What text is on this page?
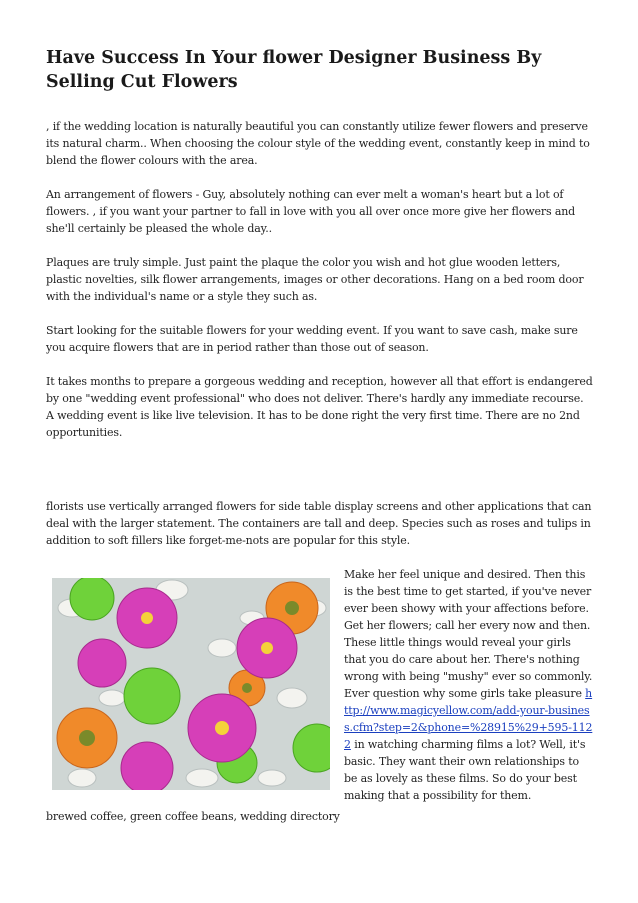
Have Success In Your flower Designer Business By Selling Cut Flowers

, if the wedding location is naturally beautiful you can constantly utilize fewer flowers and preserve its natural charm.. When choosing the colour style of the wedding event, constantly keep in mind to blend the flower colours with the area.

An arrangement of flowers - Guy, absolutely nothing can ever melt a woman's heart but a lot of flowers. , if you want your partner to fall in love with you all over once more give her flowers and she'll certainly be pleased the whole day..

Plaques are truly simple. Just paint the plaque the color you wish and hot glue wooden letters, plastic novelties, silk flower arrangements, images or other decorations. Hang on a bed room door with the individual's name or a style they such as.

Start looking for the suitable flowers for your wedding event. If you want to save cash, make sure you acquire flowers that are in period rather than those out of season.

It takes months to prepare a gorgeous wedding and reception, however all that effort is endangered by one "wedding event professional" who does not deliver. There's hardly any immediate recourse. A wedding event is like live television. It has to be done right the very first time. There are no 2nd opportunities.

florists use vertically arranged flowers for side table display screens and other applications that can deal with the larger statement. The containers are tall and deep. Species such as roses and tulips in addition to soft fillers like forget-me-nots are popular for this style.

Make her feel unique and desired. Then this is the best time to get started, if you've never ever been showy with your affections before. Get her flowers; call her every now and then. These little things would reveal your girls that you do care about her. There's nothing wrong with being "mushy" ever so commonly. Ever question why some girls take pleasure http://www.magicyellow.com/add-your-business.cfm?step=2&phone=%28915%29+595-1122 in watching charming films a lot? Well, it's basic. They want their own relationships to be as lovely as these films. So do your best making that a possibility for them.

brewed coffee, green coffee beans, wedding directory
